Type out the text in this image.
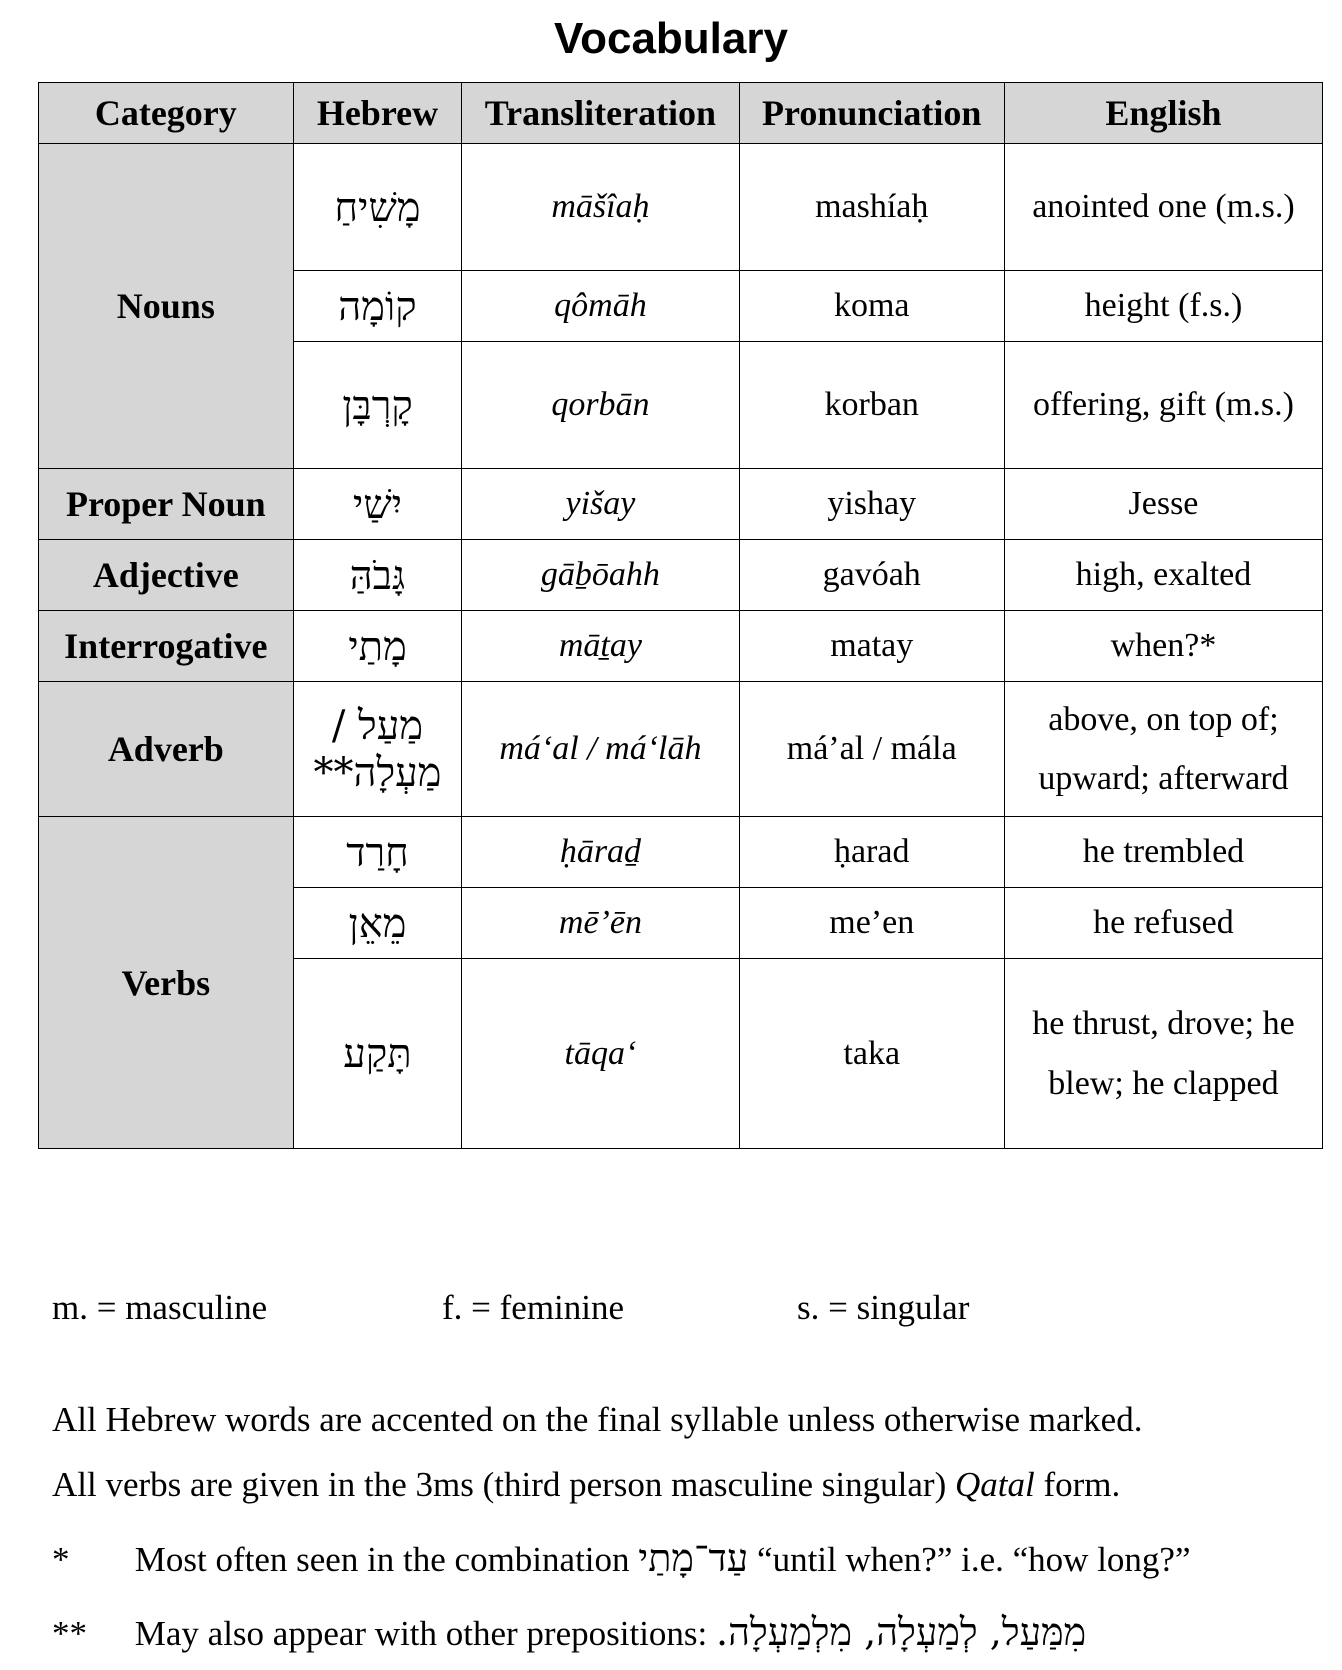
Vocabulary
Category	Hebrew	Transliteration	Pronunciation	English
Nouns	מָשִׁיחַ	māšîaḥ	mashíaḥ	anointed one (m.s.)
	קוֹמָה	qômāh	koma	height (f.s.)
	קָרְבָּן	qorbān	korban	offering, gift (m.s.)
Proper Noun	יִשַׁי	yišay	yishay	Jesse
Adjective	גָּבֹהַּ	gāḇōahh	gavóah	high, exalted
Interrogative	מָתַי	māṯay	matay	when?*
Adverb	מַעַל / מַעְלָה**	má‘al / má‘lāh	má’al / mála	above, on top of; upward; afterward
Verbs	חָרַד	ḥāraḏ	ḥarad	he trembled
	מֵאֵן	mē’ēn	me’en	he refused
	תָּקַע	tāqa‘	taka	he thrust, drove; he blew; he clapped
m. = masculine	f. = feminine	s. = singular
All Hebrew words are accented on the final syllable unless otherwise marked.
All verbs are given in the 3ms (third person masculine singular) Qatal form.
* Most often seen in the combination עַד־מָתַי “until when?” i.e. “how long?”
** May also appear with other prepositions: מִמַּעַל, לְמַעְלָה, מִלְמַעְלָה.
